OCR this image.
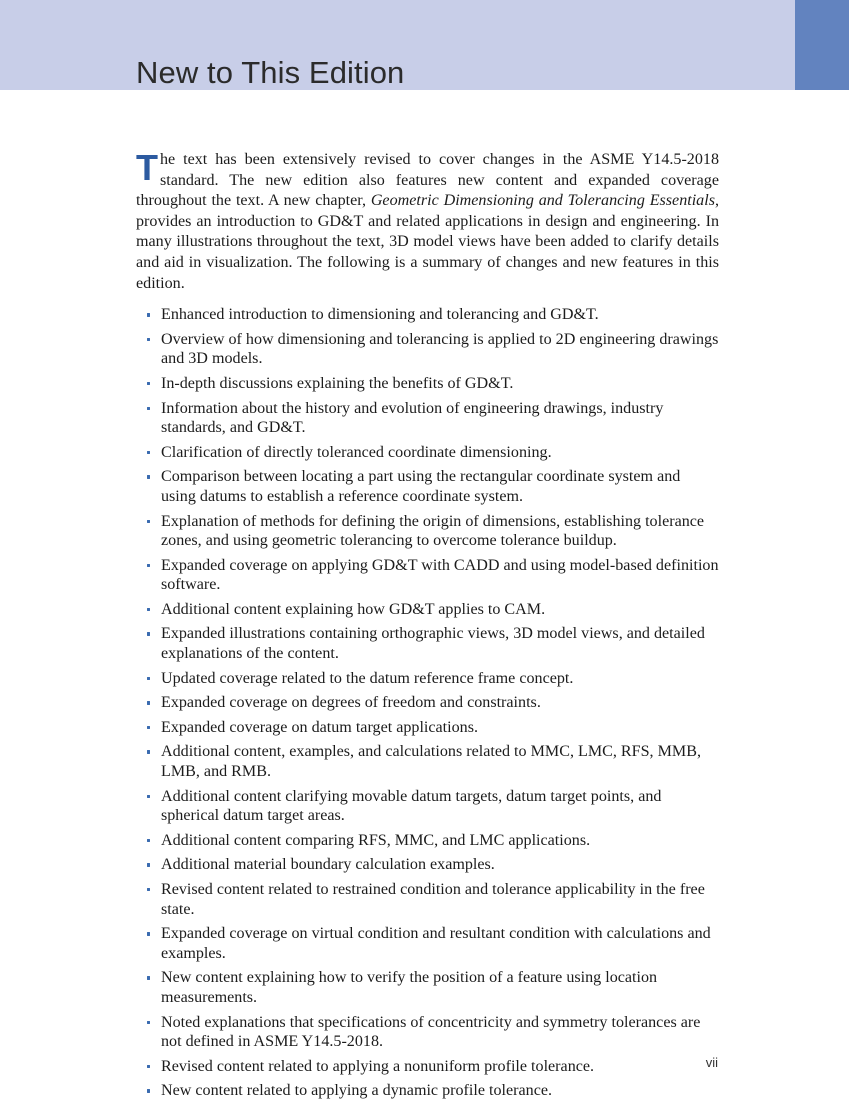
New to This Edition

The text has been extensively revised to cover changes in the ASME Y14.5-2018 standard. The new edition also features new content and expanded coverage throughout the text. A new chapter, Geometric Dimensioning and Tolerancing Essentials, provides an introduction to GD&T and related applications in design and engineering. In many illustrations throughout the text, 3D model views have been added to clarify details and aid in visualization. The following is a summary of changes and new features in this edition.

Enhanced introduction to dimensioning and tolerancing and GD&T.
Overview of how dimensioning and tolerancing is applied to 2D engineering drawings and 3D models.
In-depth discussions explaining the benefits of GD&T.
Information about the history and evolution of engineering drawings, industry standards, and GD&T.
Clarification of directly toleranced coordinate dimensioning.
Comparison between locating a part using the rectangular coordinate system and using datums to establish a reference coordinate system.
Explanation of methods for defining the origin of dimensions, establishing tolerance zones, and using geometric tolerancing to overcome tolerance buildup.
Expanded coverage on applying GD&T with CADD and using model-based definition software.
Additional content explaining how GD&T applies to CAM.
Expanded illustrations containing orthographic views, 3D model views, and detailed explanations of the content.
Updated coverage related to the datum reference frame concept.
Expanded coverage on degrees of freedom and constraints.
Expanded coverage on datum target applications.
Additional content, examples, and calculations related to MMC, LMC, RFS, MMB, LMB, and RMB.
Additional content clarifying movable datum targets, datum target points, and spherical datum target areas.
Additional content comparing RFS, MMC, and LMC applications.
Additional material boundary calculation examples.
Revised content related to restrained condition and tolerance applicability in the free state.
Expanded coverage on virtual condition and resultant condition with calculations and examples.
New content explaining how to verify the position of a feature using location measurements.
Noted explanations that specifications of concentricity and symmetry tolerances are not defined in ASME Y14.5-2018.
Revised content related to applying a nonuniform profile tolerance.
New content related to applying a dynamic profile tolerance.
vii
